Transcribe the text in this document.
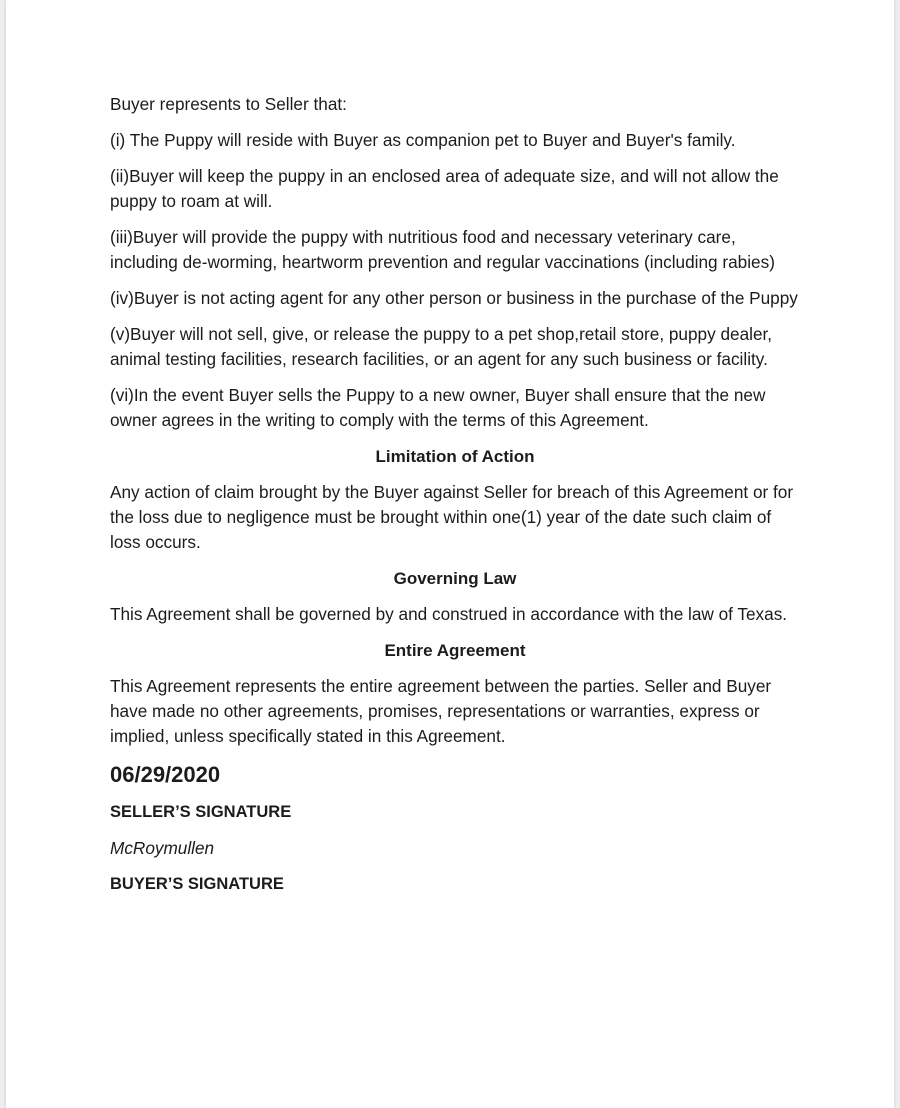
Buyer represents to Seller that:

(i) The Puppy will reside with Buyer as companion pet to Buyer and Buyer's family.

(ii)Buyer will keep the puppy in an enclosed area of adequate size, and will not allow the puppy to roam at will.

(iii)Buyer will provide the puppy with nutritious food and necessary veterinary care, including de-worming, heartworm prevention and regular vaccinations (including rabies)

(iv)Buyer is not acting agent for any other person or business in the purchase of the Puppy

(v)Buyer will not sell, give, or release the puppy to a pet shop,retail store, puppy dealer, animal testing facilities, research facilities, or an agent for any such business or facility.

(vi)In the event Buyer sells the Puppy to a new owner, Buyer shall ensure that the new owner agrees in the writing to comply with the terms of this Agreement.

Limitation of Action

Any action of claim brought by the Buyer against Seller for breach of this Agreement or for the loss due to negligence must be brought within one(1) year of the date such claim of loss occurs.

Governing Law

This Agreement shall be governed by and construed in accordance with the law of Texas.

Entire Agreement

This Agreement represents the entire agreement between the parties. Seller and Buyer have made no other agreements, promises, representations or warranties, express or implied, unless specifically stated in this Agreement.

06/29/2020

SELLER’S SIGNATURE

McRoymullen

BUYER’S SIGNATURE
